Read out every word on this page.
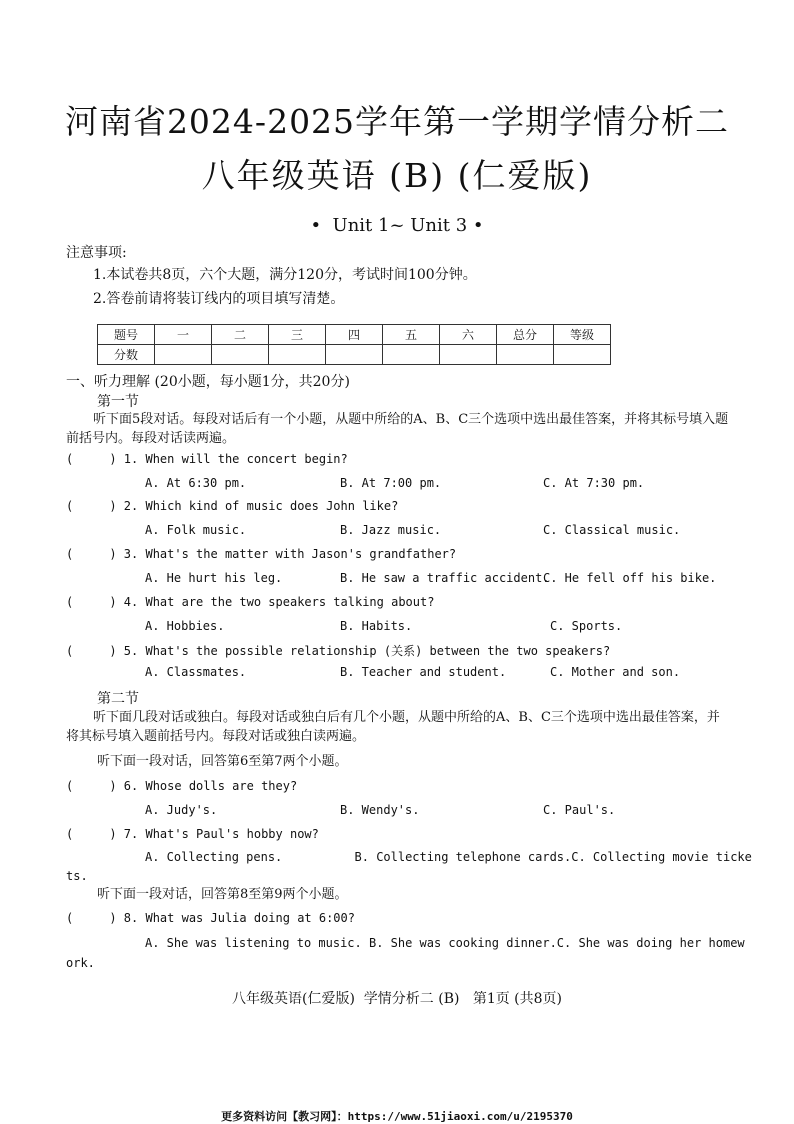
河南省2024-2025学年第一学期学情分析二
八年级英语 (B) (仁爱版)
•  Unit 1~ Unit 3 •
注意事项:
1.本试卷共8页，六个大题，满分120分，考试时间100分钟。
2.答卷前请将装订线内的项目填写清楚。
题号	一	二	三	四	五	六	总分	等级
分数								
一、听力理解 (20小题，每小题1分，共20分)
第一节
听下面5段对话。每段对话后有一个小题，从题中所给的A、B、C三个选项中选出最佳答案，并将其标号填入题前括号内。每段对话读两遍。
(     ) 1. When will the concert begin?
A. At 6:30 pm.	B. At 7:00 pm.	C. At 7:30 pm.
(     ) 2. Which kind of music does John like?
A. Folk music.	B. Jazz music.	C. Classical music.
(     ) 3. What's the matter with Jason's grandfather?
A. He hurt his leg.	B. He saw a traffic accident.
C. He fell off his bike.
(     ) 4. What are the two speakers talking about?
A. Hobbies.	B. Habits.	C. Sports.
(     ) 5. What's the possible relationship (关系) between the two speakers?
A. Classmates.	B. Teacher and student.	C. Mother and son.
第二节
听下面几段对话或独白。每段对话或独白后有几个小题，从题中所给的A、B、C三个选项中选出最佳答案，并将其标号填入题前括号内。每段对话或独白读两遍。
听下面一段对话，回答第6至第7两个小题。
(     ) 6. Whose dolls are they?
A. Judy's.	B. Wendy's.	C. Paul's.
(     ) 7. What's Paul's hobby now?
A. Collecting pens.          B. Collecting telephone cards.C. Collecting movie ticke
ts.
听下面一段对话，回答第8至第9两个小题。
(     ) 8. What was Julia doing at 6:00?
A. She was listening to music. B. She was cooking dinner.C. She was doing her homew
ork.
八年级英语(仁爱版)  学情分析二 (B)   第1页 (共8页)
更多资料访问【教习网】：https://www.51jiaoxi.com/u/2195370
